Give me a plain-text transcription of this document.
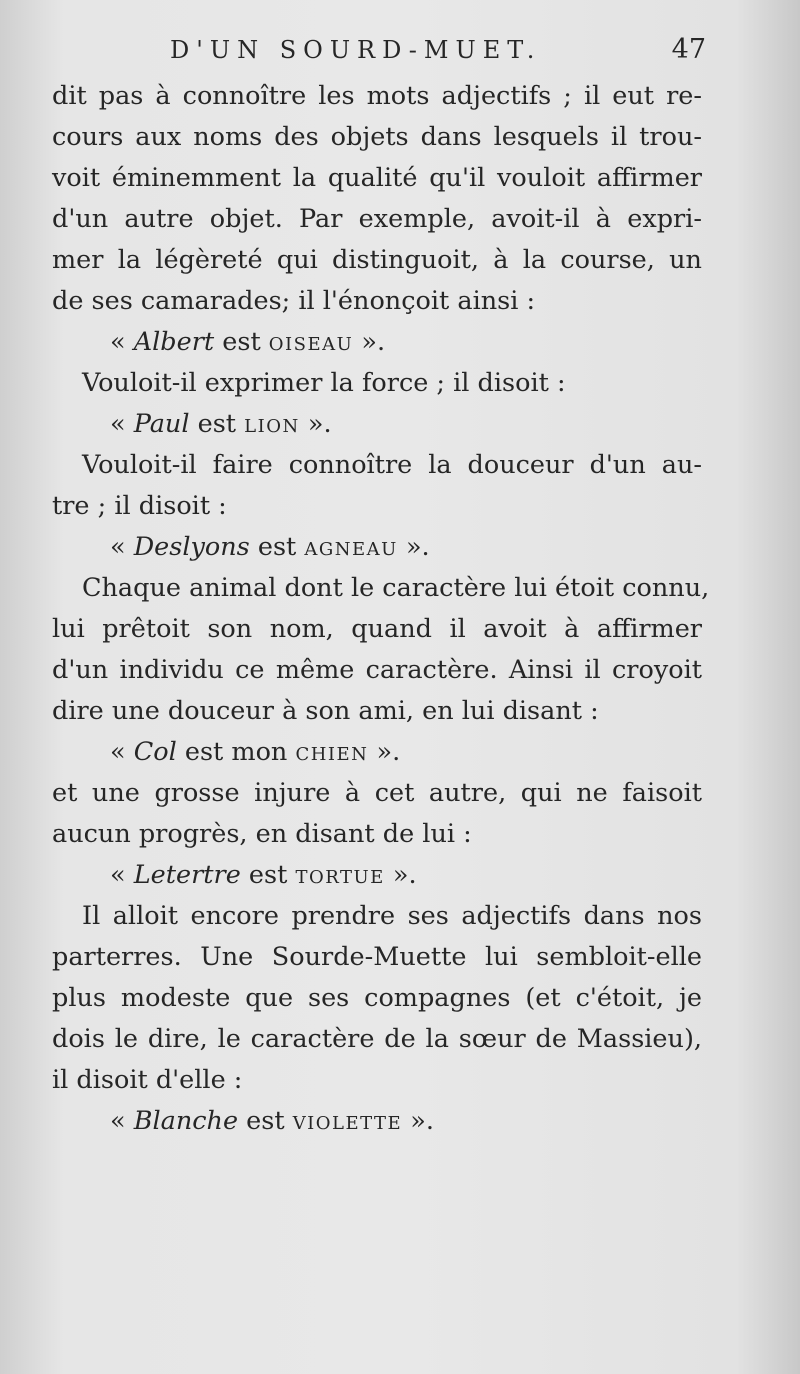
D'UN SOURD-MUET.	47
dit pas à connoître les mots adjectifs ; il eut re-
cours aux noms des objets dans lesquels il trou-
voit éminemment la qualité qu'il vouloit affirmer
d'un autre objet. Par exemple, avoit-il à expri-
mer la légèreté qui distinguoit, à la course, un
de ses camarades; il l'énonçoit ainsi :
« Albert est oiseau ».
Vouloit-il exprimer la force ; il disoit :
« Paul est lion ».
Vouloit-il faire connoître la douceur d'un au-
tre ; il disoit :
« Deslyons est agneau ».
Chaque animal dont le caractère lui étoit connu,
lui prêtoit son nom, quand il avoit à affirmer
d'un individu ce même caractère. Ainsi il croyoit
dire une douceur à son ami, en lui disant :
« Col est mon chien ».
et une grosse injure à cet autre, qui ne faisoit
aucun progrès, en disant de lui :
« Letertre est tortue ».
Il alloit encore prendre ses adjectifs dans nos
parterres. Une Sourde-Muette lui sembloit-elle
plus modeste que ses compagnes (et c'étoit, je
dois le dire, le caractère de la sœur de Massieu),
il disoit d'elle :
« Blanche est violette ».
